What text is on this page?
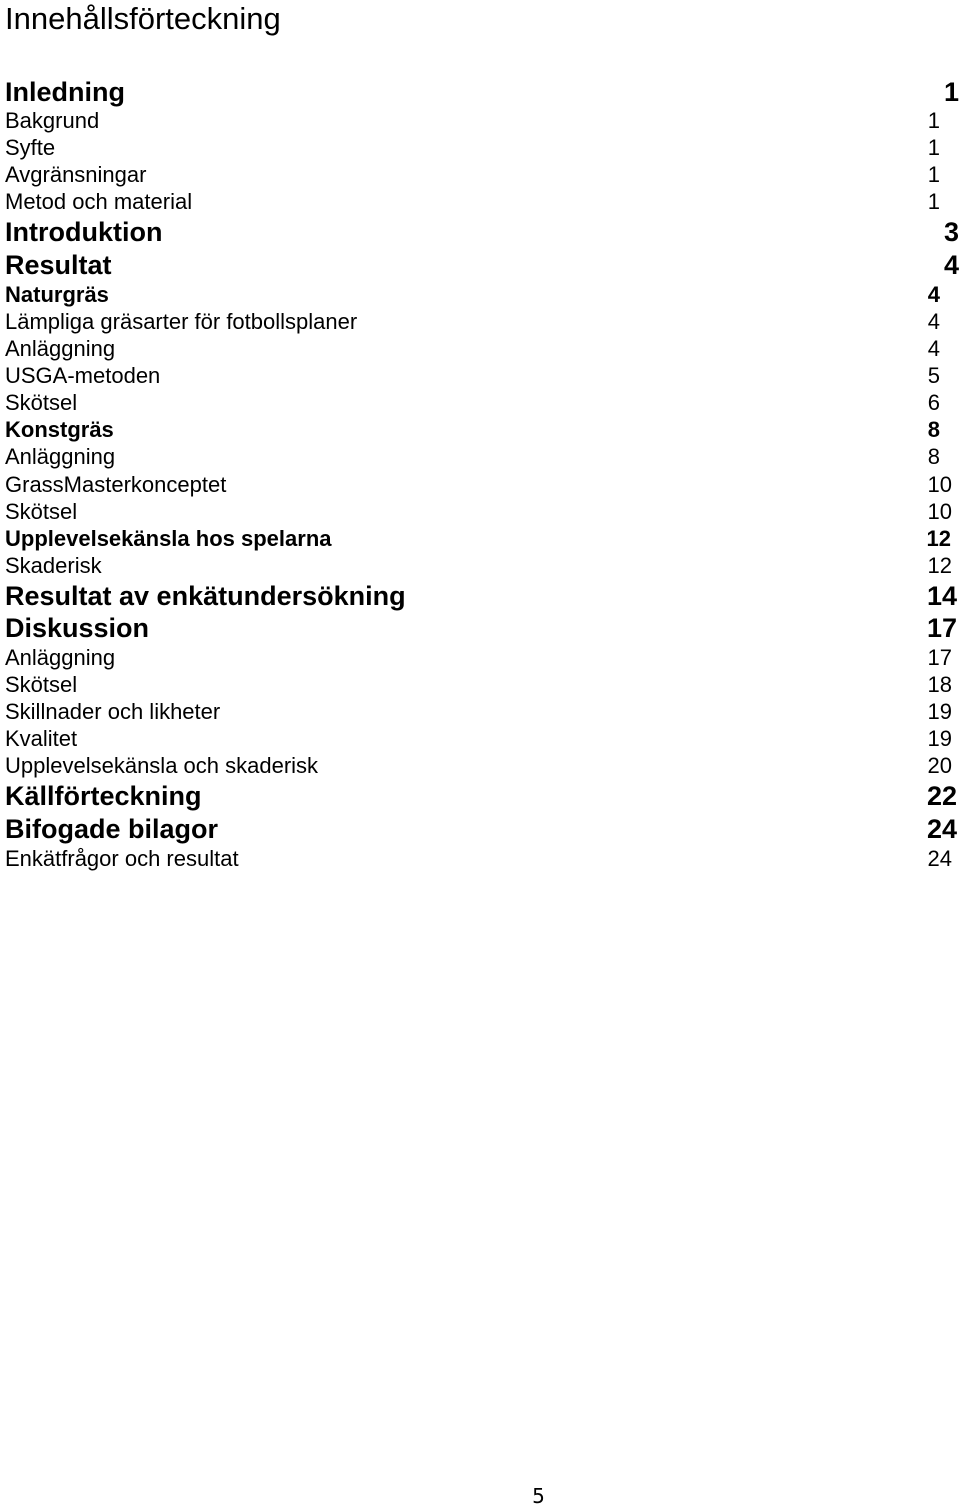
Innehållsförteckning
Inledning	1
Bakgrund	1
Syfte	1
Avgränsningar	1
Metod och material	1
Introduktion	3
Resultat	4
Naturgräs	4
Lämpliga gräsarter för fotbollsplaner	4
Anläggning	4
USGA-metoden	5
Skötsel	6
Konstgräs	8
Anläggning	8
GrassMasterkonceptet	10
Skötsel	10
Upplevelsekänsla hos spelarna	12
Skaderisk	12
Resultat av enkätundersökning	14
Diskussion	17
Anläggning	17
Skötsel	18
Skillnader och likheter	19
Kvalitet	19
Upplevelsekänsla och skaderisk	20
Källförteckning	22
Bifogade bilagor	24
Enkätfrågor och resultat	24
5
